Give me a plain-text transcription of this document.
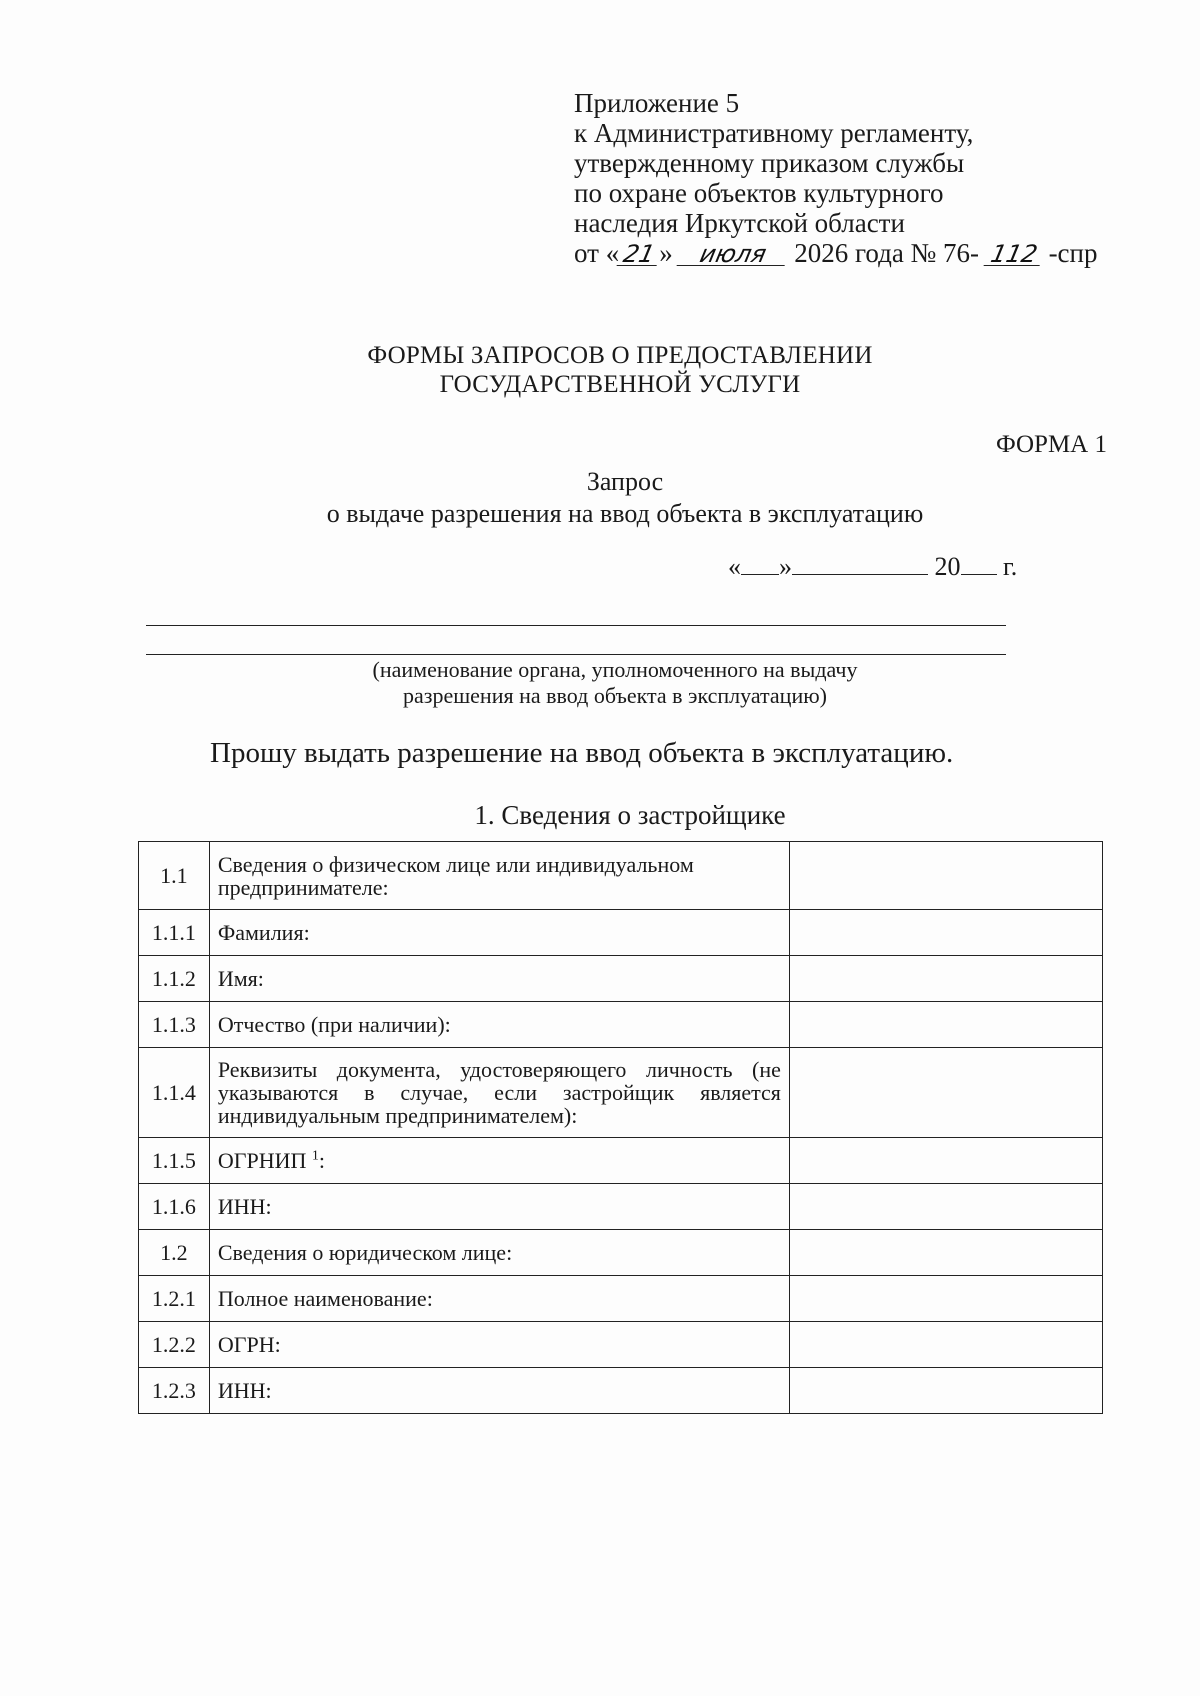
Приложение 5
к Административному регламенту,
утвержденному приказом службы
по охране объектов культурного
наследия Иркутской области
от «21» июля 2026 года № 76- 112 -спр
ФОРМЫ ЗАПРОСОВ О ПРЕДОСТАВЛЕНИИ
ГОСУДАРСТВЕННОЙ УСЛУГИ
ФОРМА 1
Запрос
о выдаче разрешения на ввод объекта в эксплуатацию
« »	20 г.
(наименование органа, уполномоченного на выдачу
разрешения на ввод объекта в эксплуатацию)
Прошу выдать разрешение на ввод объекта в эксплуатацию.
1. Сведения о застройщике
1.1	Сведения о физическом лице или индивидуальном предпринимателе:	
1.1.1	Фамилия:	
1.1.2	Имя:	
1.1.3	Отчество (при наличии):	
1.1.4	Реквизиты документа, удостоверяющего личность (не указываются в случае, если застройщик является индивидуальным предпринимателем):	
1.1.5	ОГРНИП $^1$:	
1.1.6	ИНН:	
1.2	Сведения о юридическом лице:	
1.2.1	Полное наименование:	
1.2.2	ОГРН:	
1.2.3	ИНН:	
